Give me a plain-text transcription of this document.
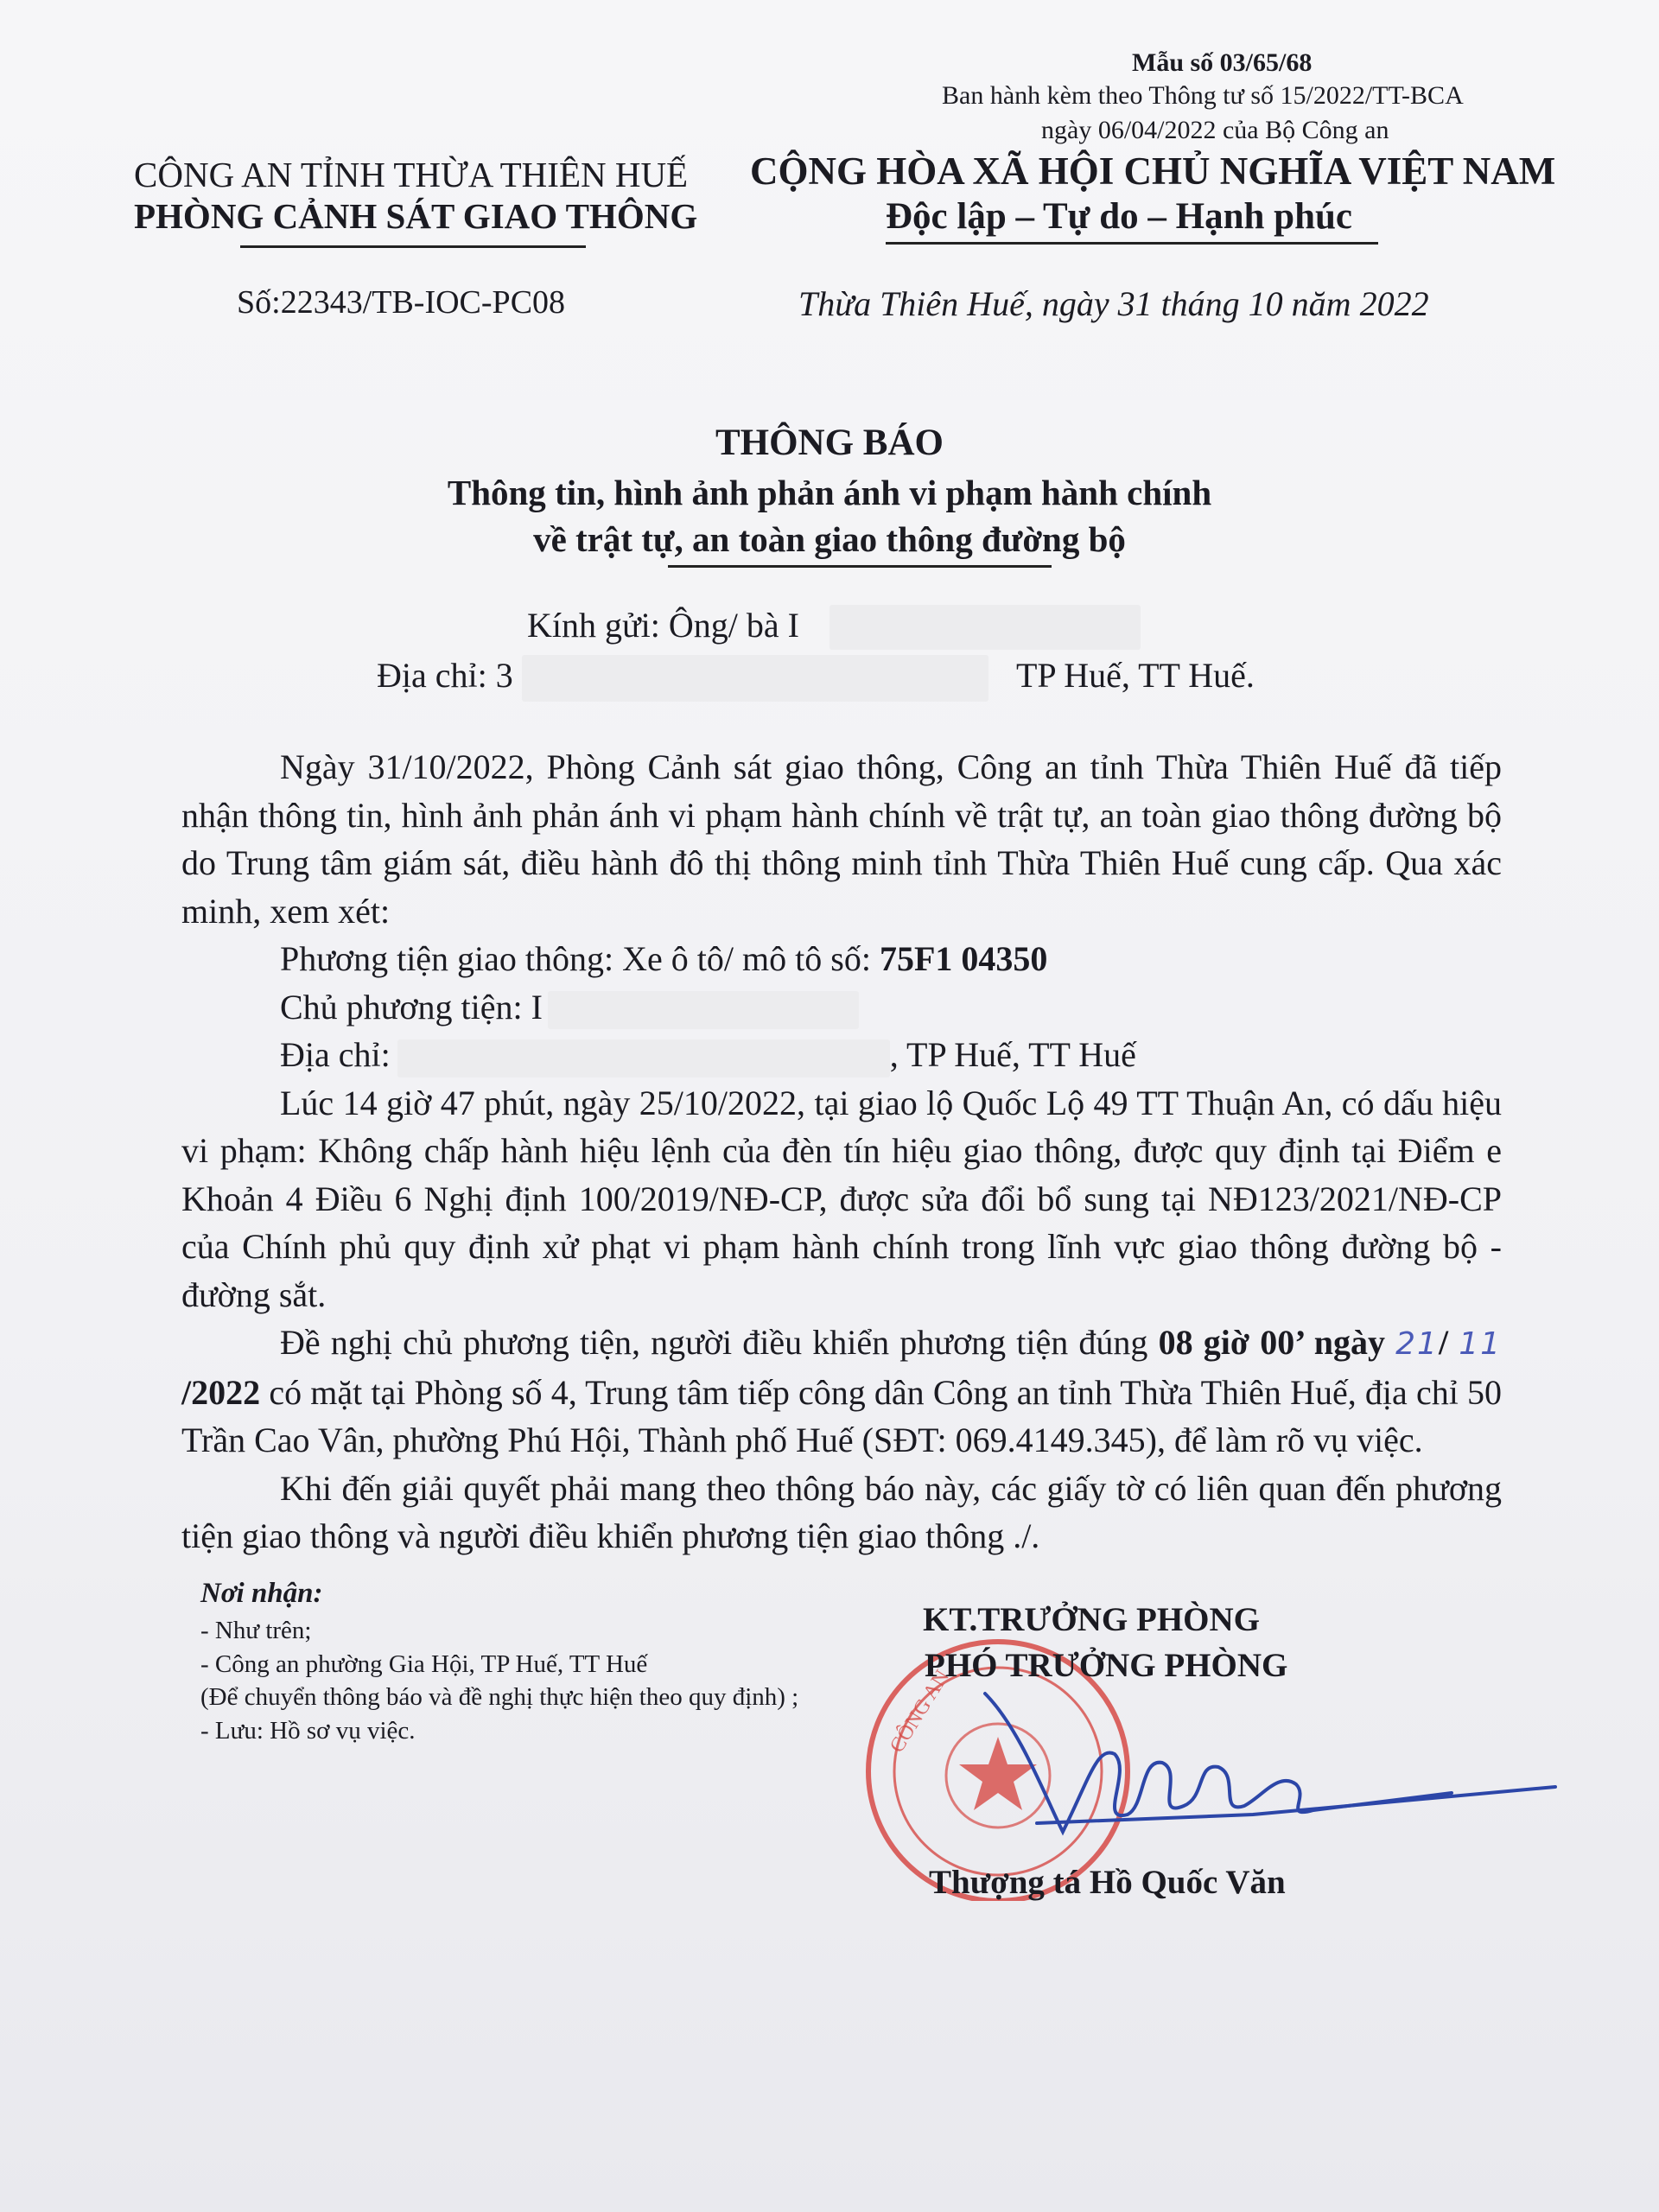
Mẫu số 03/65/68
Ban hành kèm theo Thông tư số 15/2022/TT-BCA
ngày 06/04/2022 của Bộ Công an
CÔNG AN TỈNH THỪA THIÊN HUẾ
PHÒNG CẢNH SÁT GIAO THÔNG
CỘNG HÒA XÃ HỘI CHỦ NGHĨA VIỆT NAM
Độc lập – Tự do – Hạnh phúc
Số:22343/TB-IOC-PC08	Thừa Thiên Huế, ngày 31 tháng 10 năm 2022
THÔNG BÁO
Thông tin, hình ảnh phản ánh vi phạm hành chính
về trật tự, an toàn giao thông đường bộ
Kính gửi: Ông/ bà I
Địa chỉ: 3	TP Huế, TT Huế.

Ngày 31/10/2022, Phòng Cảnh sát giao thông, Công an tỉnh Thừa Thiên Huế đã tiếp nhận thông tin, hình ảnh phản ánh vi phạm hành chính về trật tự, an toàn giao thông đường bộ do Trung tâm giám sát, điều hành đô thị thông minh tỉnh Thừa Thiên Huế cung cấp. Qua xác minh, xem xét:

Phương tiện giao thông: Xe ô tô/ mô tô số: 75F1 04350

Chủ phương tiện: I

Địa chỉ:	, TP Huế, TT Huế

Lúc 14 giờ 47 phút, ngày 25/10/2022, tại giao lộ Quốc Lộ 49 TT Thuận An, có dấu hiệu vi phạm: Không chấp hành hiệu lệnh của đèn tín hiệu giao thông, được quy định tại Điểm e Khoản 4 Điều 6 Nghị định 100/2019/NĐ-CP, được sửa đổi bổ sung tại NĐ123/2021/NĐ-CP của Chính phủ quy định xử phạt vi phạm hành chính trong lĩnh vực giao thông đường bộ - đường sắt.

Đề nghị chủ phương tiện, người điều khiển phương tiện đúng 08 giờ 00’ ngày 21/ 11 /2022 có mặt tại Phòng số 4, Trung tâm tiếp công dân Công an tỉnh Thừa Thiên Huế, địa chỉ 50 Trần Cao Vân, phường Phú Hội, Thành phố Huế (SĐT: 069.4149.345), để làm rõ vụ việc.

Khi đến giải quyết phải mang theo thông báo này, các giấy tờ có liên quan đến phương tiện giao thông và người điều khiển phương tiện giao thông ./.

Nơi nhận:
- Như trên;
- Công an phường Gia Hội, TP Huế, TT Huế
(Để chuyển thông báo và đề nghị thực hiện theo quy định) ;
- Lưu: Hồ sơ vụ việc.	CÔNG AN
KT.TRƯỞNG PHÒNG
PHÓ TRƯỞNG PHÒNG
Thượng tá Hồ Quốc Văn
